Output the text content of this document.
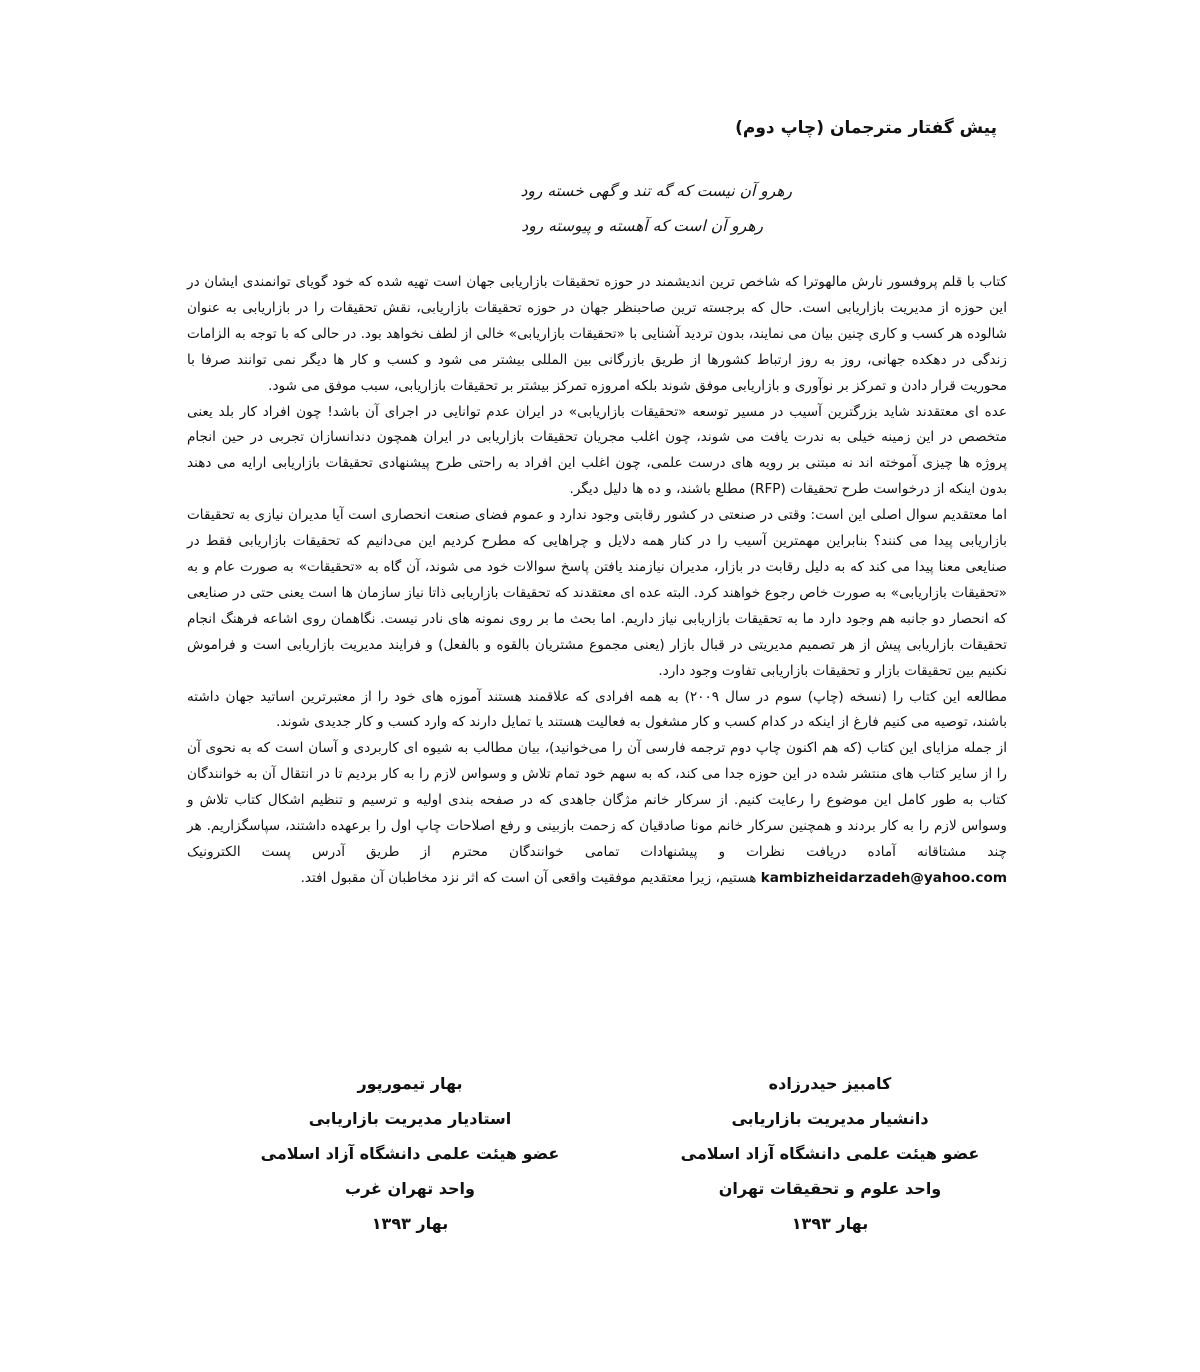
پیش گفتار مترجمان (چاپ دوم)
رهرو آن نیست که گه تند و گهی خسته رود
رهرو آن است که آهسته و پیوسته رود

کتاب با قلم پروفسور نارش مالهوترا که شاخص ترین اندیشمند در حوزه تحقیقات بازاریابی جهان است تهیه شده که خود گویای توانمندی ایشان در این حوزه از مدیریت بازاریابی است. حال که برجسته ترین صاحبنظر جهان در حوزه تحقیقات بازاریابی، نقش تحقیقات را در بازاریابی به عنوان شالوده هر کسب و کاری چنین بیان می نمایند، بدون تردید آشنایی با «تحقیقات بازاریابی» خالی از لطف نخواهد بود. در حالی که با توجه به الزامات زندگی در دهکده جهانی، روز به روز ارتباط کشورها از طریق بازرگانی بین المللی بیشتر می شود و کسب و کار ها دیگر نمی توانند صرفا با محوریت قرار دادن و تمرکز بر نوآوری و بازاریابی موفق شوند بلکه امروزه تمرکز بیشتر بر تحقیقات بازاریابی، سبب موفق می شود.

عده ای معتقدند شاید بزرگترین آسیب در مسیر توسعه «تحقیقات بازاریابی» در ایران عدم توانایی در اجرای آن باشد! چون افراد کار بلد یعنی متخصص در این زمینه خیلی به ندرت یافت می شوند، چون اغلب مجریان تحقیقات بازاریابی در ایران همچون دندانسازان تجربی در حین انجام پروژه ها چیزی آموخته اند نه مبتنی بر رویه های درست علمی، چون اغلب این افراد به راحتی طرح پیشنهادی تحقیقات بازاریابی ارایه می دهند بدون اینکه از درخواست طرح تحقیقات (RFP) مطلع باشند، و ده ها دلیل دیگر.

اما معتقدیم سوال اصلی این است: وقتی در صنعتی در کشور رقابتی وجود ندارد و عموم فضای صنعت انحصاری است آیا مدیران نیازی به تحقیقات بازاریابی پیدا می کنند؟ بنابراین مهمترین آسیب را در کنار همه دلایل و چراهایی که مطرح کردیم این می‌دانیم که تحقیقات بازاریابی فقط در صنایعی معنا پیدا می کند که به دلیل رقابت در بازار، مدیران نیازمند یافتن پاسخ سوالات خود می شوند، آن گاه به «تحقیقات» به صورت عام و به «تحقیقات بازاریابی» به صورت خاص رجوع خواهند کرد. البته عده ای معتقدند که تحقیقات بازاریابی ذاتا نیاز سازمان ها است یعنی حتی در صنایعی که انحصار دو جانبه هم وجود دارد ما به تحقیقات بازاریابی نیاز داریم. اما بحث ما بر روی نمونه های نادر نیست. نگاهمان روی اشاعه فرهنگ انجام تحقیقات بازاریابی پیش از هر تصمیم مدیریتی در قبال بازار (یعنی مجموع مشتریان بالقوه و بالفعل) و فرایند مدیریت بازاریابی است و فراموش نکنیم بین تحقیقات بازار و تحقیقات بازاریابی تفاوت وجود دارد.

مطالعه این کتاب را (نسخه (چاپ) سوم در سال ۲۰۰۹) به همه افرادی که علاقمند هستند آموزه های خود را از معتبرترین اساتید جهان داشته باشند، توصیه می کنیم فارغ از اینکه در کدام کسب و کار مشغول به فعالیت هستند یا تمایل دارند که وارد کسب و کار جدیدی شوند.

از جمله مزایای این کتاب (که هم اکنون چاپ دوم ترجمه فارسی آن را می‌خوانید)، بیان مطالب به شیوه ای کاربردی و آسان است که به نحوی آن را از سایر کتاب های منتشر شده در این حوزه جدا می کند، که به سهم خود تمام تلاش و وسواس لازم را به کار بردیم تا در انتقال آن به خوانندگان کتاب به طور کامل این موضوع را رعایت کنیم. از سرکار خانم مژگان جاهدی که در صفحه بندی اولیه و ترسیم و تنظیم اشکال کتاب تلاش و وسواس لازم را به کار بردند و همچنین سرکار خانم مونا صادقیان که زحمت بازبینی و رفع اصلاحات چاپ اول را برعهده داشتند، سپاسگزاریم. هر چند مشتاقانه آماده دریافت نظرات و پیشنهادات تمامی خوانندگان محترم از طریق آدرس پست الکترونیک kambizheidarzadeh@yahoo.com هستیم، زیرا معتقدیم موفقیت واقعی آن است که اثر نزد مخاطبان آن مقبول افتد.

کامبیز حیدرزاده
دانشیار مدیریت بازاریابی
عضو هیئت علمی دانشگاه آزاد اسلامی
واحد علوم و تحقیقات تهران
بهار ۱۳۹۳
بهار تیمورپور
استادیار مدیریت بازاریابی
عضو هیئت علمی دانشگاه آزاد اسلامی
واحد تهران غرب
بهار ۱۳۹۳
